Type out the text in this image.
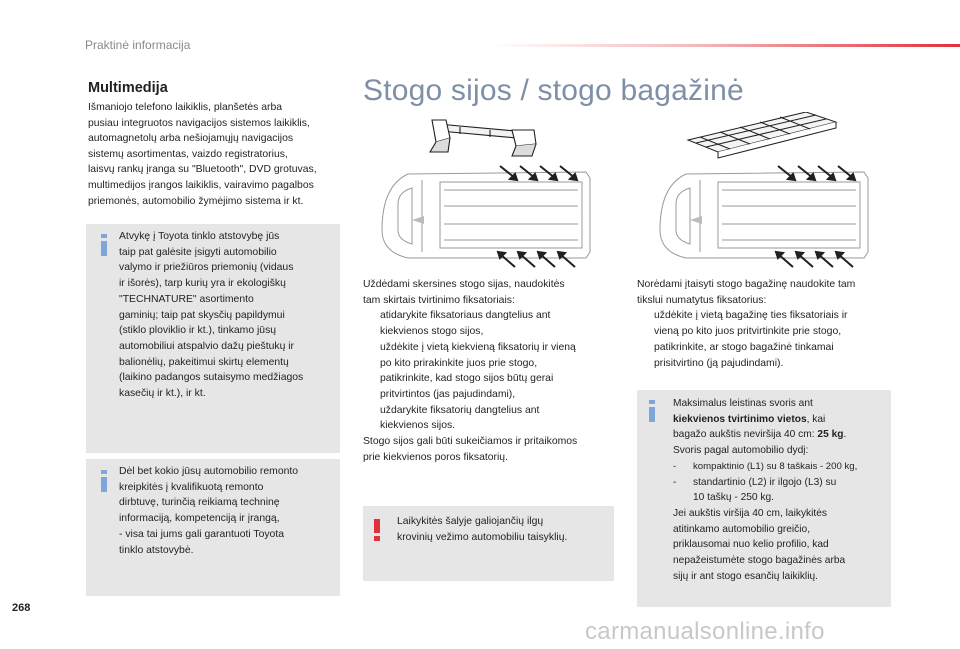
Praktinė informacija
Multimedija
Išmaniojo telefono laikiklis, planšetės arba
pusiau integruotos navigacijos sistemos laikiklis,
automagnetolų arba nešiojamųjų navigacijos
sistemų asortimentas, vaizdo registratorius,
laisvų rankų įranga su "Bluetooth", DVD grotuvas,
multimedijos įrangos laikiklis, vairavimo pagalbos
priemonės, automobilio žymėjimo sistema ir kt.
Atvykę į Toyota tinklo atstovybę jūs
taip pat galėsite įsigyti automobilio
valymo ir priežiūros priemonių (vidaus
ir išorės), tarp kurių yra ir ekologiškų
"TECHNATURE" asortimento
gaminių; taip pat skysčių papildymui
(stiklo ploviklio ir kt.), tinkamo jūsų
automobiliui atspalvio dažų pieštukų ir
balionėlių, pakeitimui skirtų elementų
(laikino padangos sutaisymo medžiagos
kasečių ir kt.), ir kt.
Dėl bet kokio jūsų automobilio remonto
kreipkitės į kvalifikuotą remonto
dirbtuvę, turinčią reikiamą techninę
informaciją, kompetenciją ir įrangą,
- visa tai jums gali garantuoti Toyota
tinklo atstovybė.
Stogo sijos / stogo bagažinė
Uždėdami skersines stogo sijas, naudokitės
tam skirtais tvirtinimo fiksatoriais:
atidarykite fiksatoriaus dangtelius ant
kiekvienos stogo sijos,
uždėkite į vietą kiekvieną fiksatorių ir vieną
po kito prirakinkite juos prie stogo,
patikrinkite, kad stogo sijos būtų gerai
pritvirtintos (jas pajudindami),
uždarykite fiksatorių dangtelius ant
kiekvienos sijos.
Stogo sijos gali būti sukeičiamos ir pritaikomos
prie kiekvienos poros fiksatorių.
Laikykitės šalyje galiojančių ilgų
krovinių vežimo automobiliu taisyklių.
Norėdami įtaisyti stogo bagažinę naudokite tam
tikslui numatytus fiksatorius:
uždėkite į vietą bagažinę ties fiksatoriais ir
vieną po kito juos pritvirtinkite prie stogo,
patikrinkite, ar stogo bagažinė tinkamai
prisitvirtino (ją pajudindami).
Maksimalus leistinas svoris ant
kiekvienos tvirtinimo vietos, kai
bagažo aukštis neviršija 40 cm: 25 kg.
Svoris pagal automobilio dydį:
- kompaktinio (L1) su 8 taškais - 200 kg,
- standartinio (L2) ir ilgojo (L3) su
10 taškų - 250 kg.
Jei aukštis viršija 40 cm, laikykitės
atitinkamo automobilio greičio,
priklausomai nuo kelio profilio, kad
nepažeistumėte stogo bagažinės arba
sijų ir ant stogo esančių laikiklių.
268
carmanualsonline.info
